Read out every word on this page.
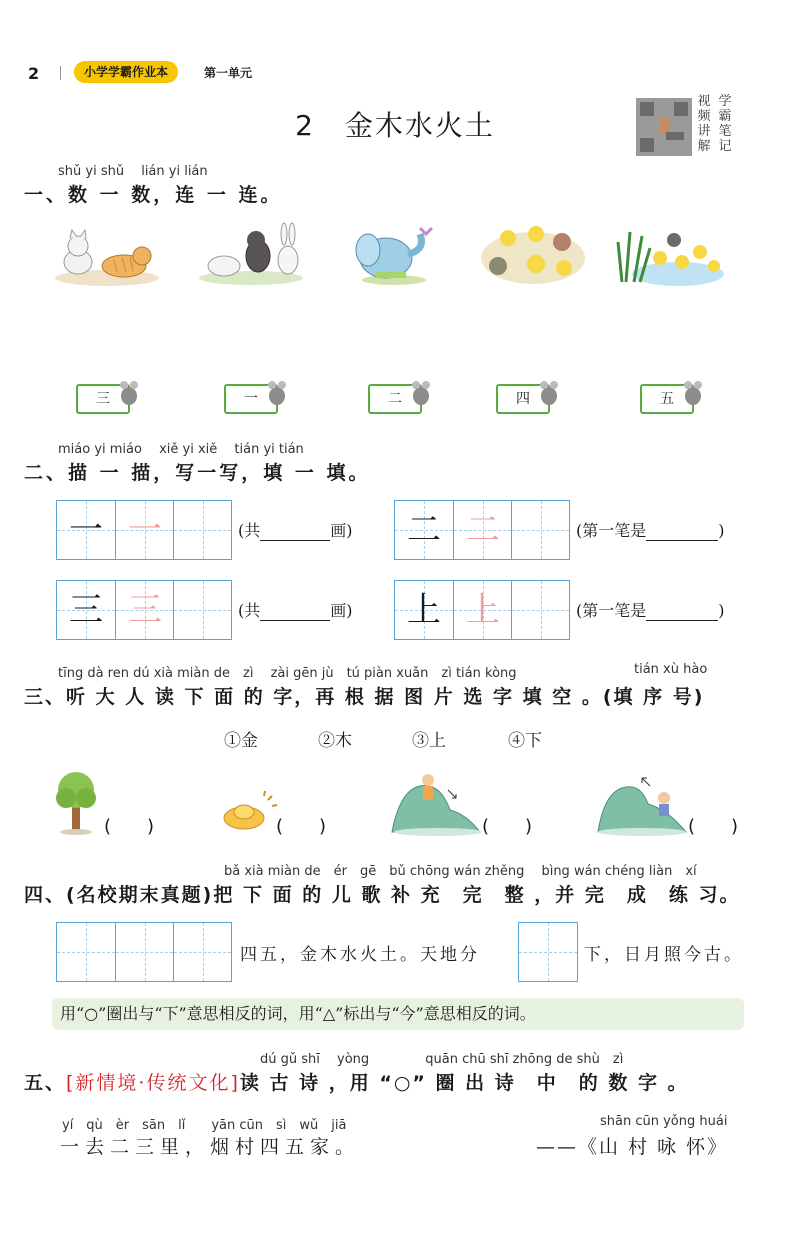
2	小学学霸作业本	第一单元
2　金木水火土
视频讲解
学霸笔记
shǔ yi shǔ　 lián yi lián
一、数 一 数，连 一 连。
三	一	二	四	五
miáo yi miáo　 xiě yi xiě　 tián yi tián
二、描 一 描，写一写，填 一 填。
一 一	(共	画)	二 二	(第一笔是	)
三 三	(共	画)	上 上	(第一笔是	)
tīng dà ren dú xià miàn de　zì　 zài gēn jù　tú piàn xuǎn　zì tián kòng	tián xù hào
三、听 大 人 读 下 面 的 字，再 根 据 图 片 选 字 填 空 。(填 序 号)
①金	②木	③上	④下
(　　)	(　　)	(　　)	(　　)
bǎ xià miàn de　ér　gē　bǔ chōng wán zhěng　 bìng wán chéng liàn　xí
四、(名校期末真题)把 下 面 的 儿 歌 补 充　完　整 ，并 完　成　练 习。
四五，金木水火土。天地分	下，日月照今古。
用“○”圈出与“下”意思相反的词，用“△”标出与“今”意思相反的词。
dú gǔ shī　 yòng　　　　 quān chū shī zhōng de shù　zì
五、[新情境·传统文化]读 古 诗 ，用 “○” 圈 出 诗　中　的 数 字 。
yí　qù　èr　sān　lǐ　　yān cūn　sì　wǔ　jiā
一去二三里，烟村四五家。
shān cūn yǒng huái
——《山 村 咏 怀》
